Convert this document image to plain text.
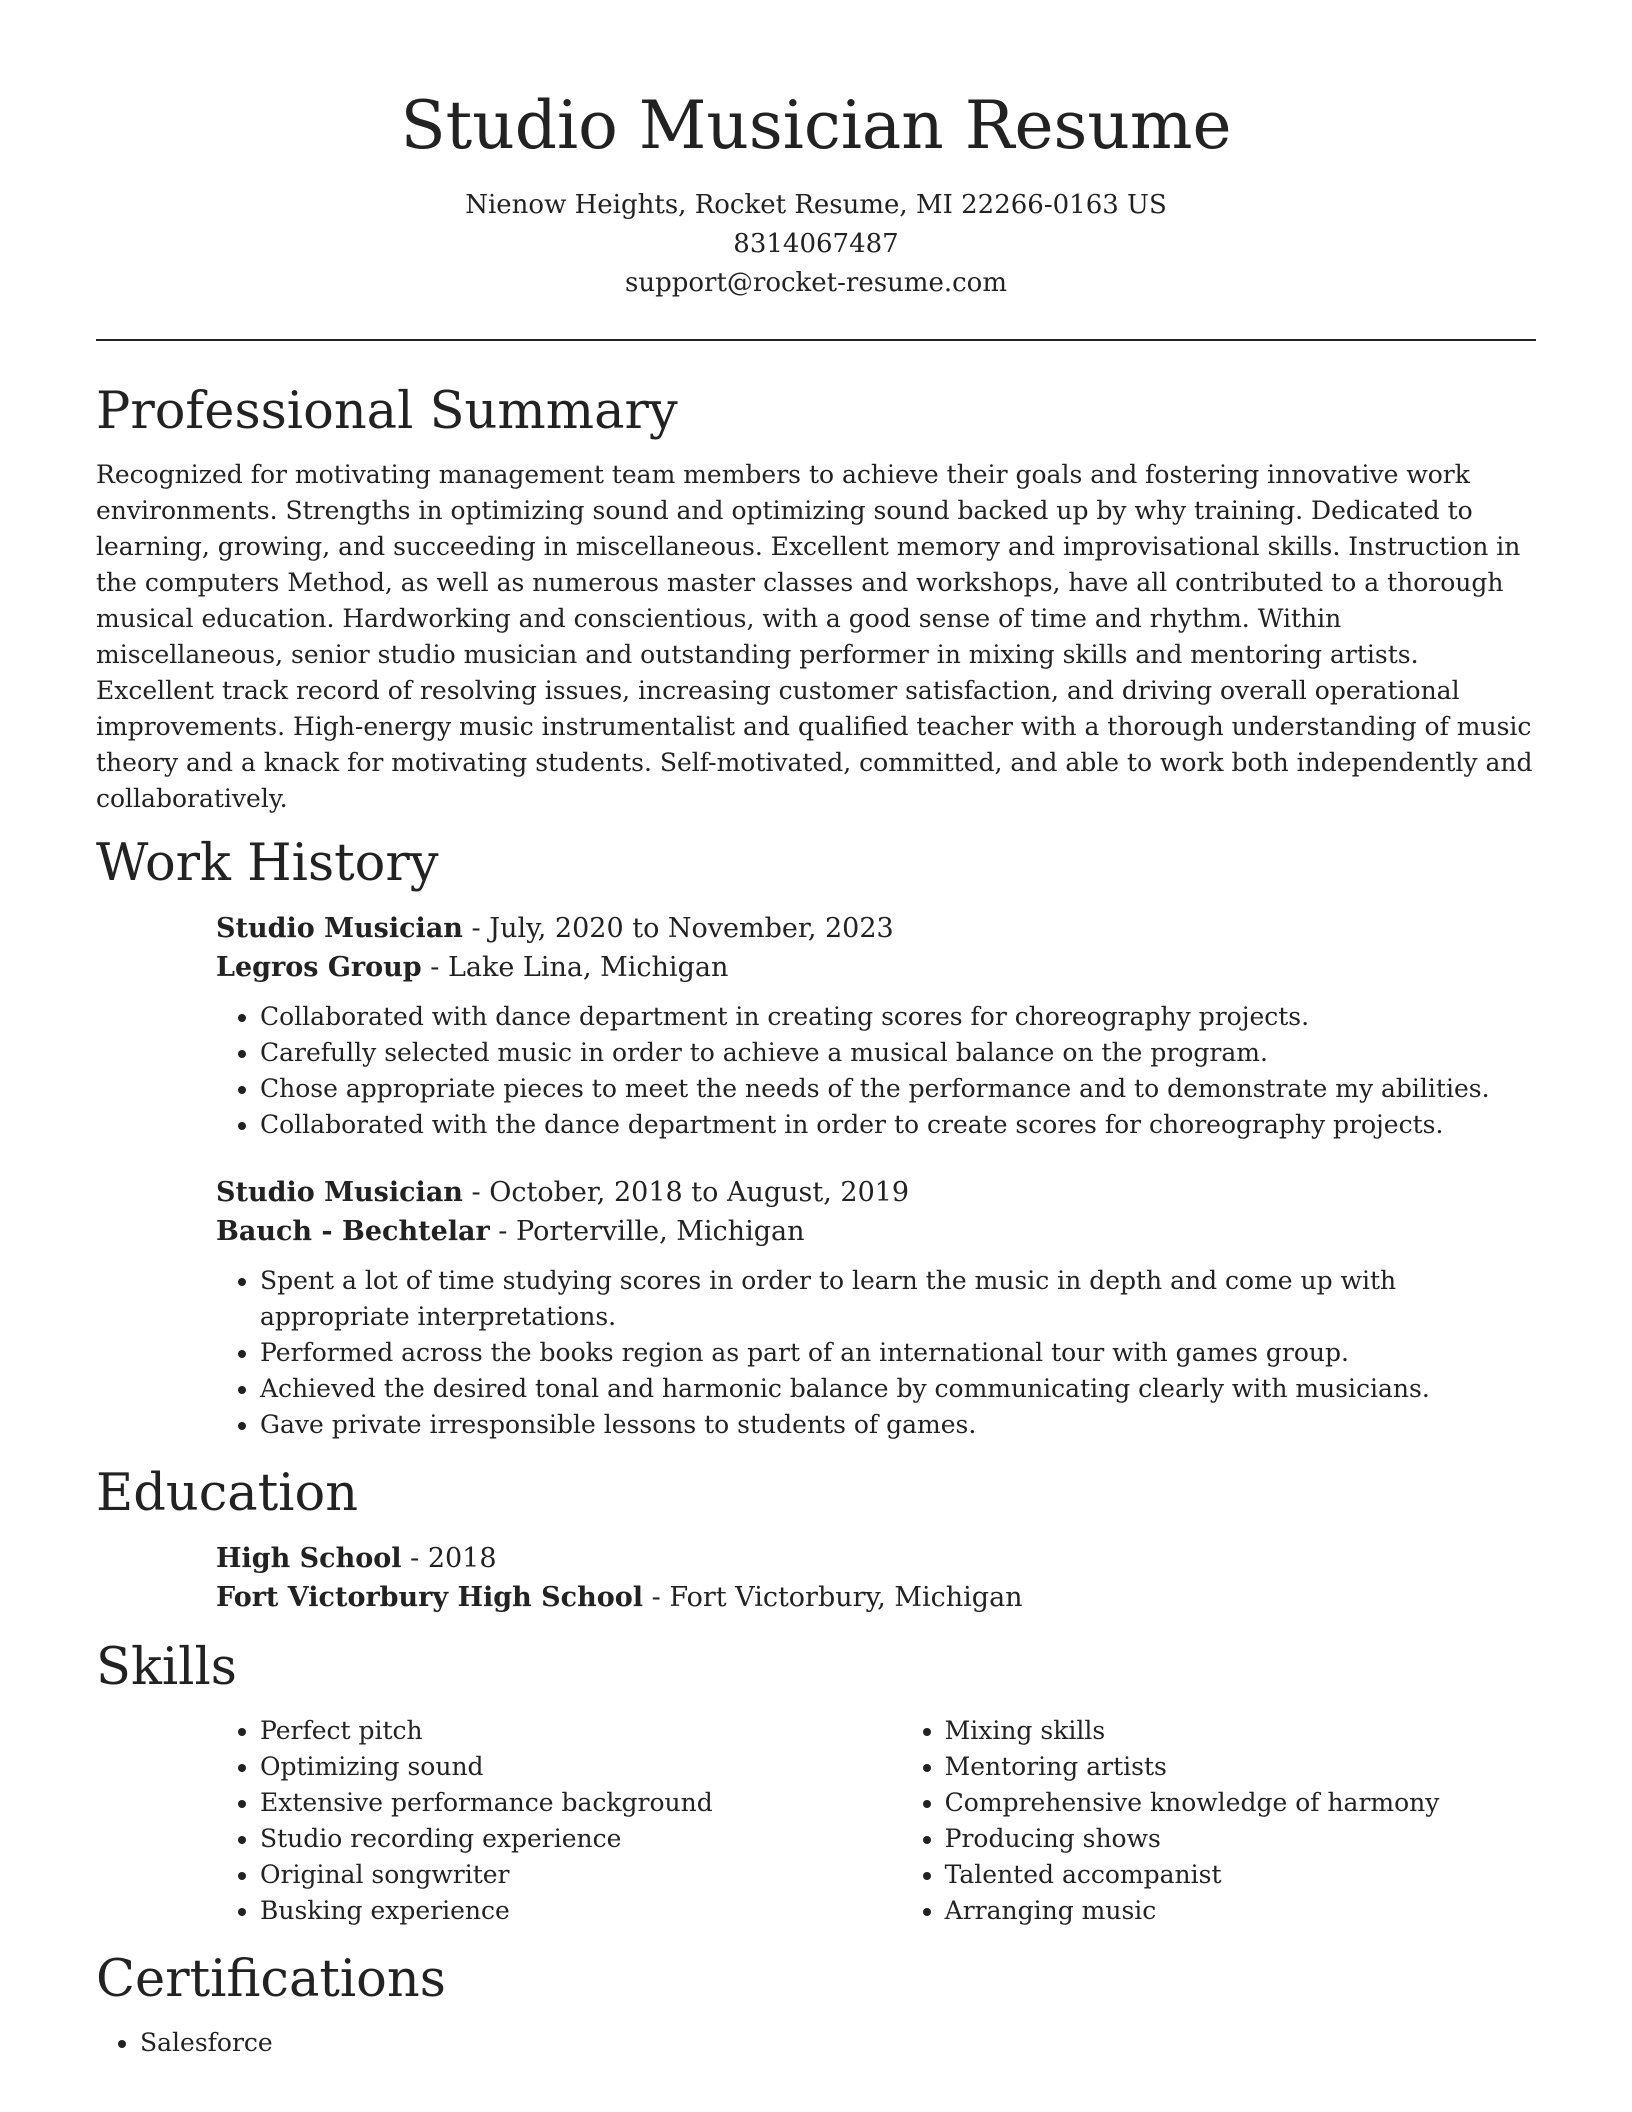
Studio Musician Resume
Nienow Heights, Rocket Resume, MI 22266-0163 US
8314067487
support@rocket-resume.com
Professional Summary

Recognized for motivating management team members to achieve their goals and fostering innovative work environments. Strengths in optimizing sound and optimizing sound backed up by why training. Dedicated to learning, growing, and succeeding in miscellaneous. Excellent memory and improvisational skills. Instruction in the computers Method, as well as numerous master classes and workshops, have all contributed to a thorough musical education. Hardworking and conscientious, with a good sense of time and rhythm. Within miscellaneous, senior studio musician and outstanding performer in mixing skills and mentoring artists. Excellent track record of resolving issues, increasing customer satisfaction, and driving overall operational improvements. High-energy music instrumentalist and qualified teacher with a thorough understanding of music theory and a knack for motivating students. Self-motivated, committed, and able to work both independently and collaboratively.

Work History
Studio Musician - July, 2020 to November, 2023
Legros Group - Lake Lina, Michigan
• Collaborated with dance department in creating scores for choreography projects.
• Carefully selected music in order to achieve a musical balance on the program.
• Chose appropriate pieces to meet the needs of the performance and to demonstrate my abilities.
• Collaborated with the dance department in order to create scores for choreography projects.
Studio Musician - October, 2018 to August, 2019
Bauch - Bechtelar - Porterville, Michigan
• Spent a lot of time studying scores in order to learn the music in depth and come up with appropriate interpretations.
• Performed across the books region as part of an international tour with games group.
• Achieved the desired tonal and harmonic balance by communicating clearly with musicians.
• Gave private irresponsible lessons to students of games.
Education
High School - 2018
Fort Victorbury High School - Fort Victorbury, Michigan
Skills
• Perfect pitch
• Optimizing sound
• Extensive performance background
• Studio recording experience
• Original songwriter
• Busking experience
• Mixing skills
• Mentoring artists
• Comprehensive knowledge of harmony
• Producing shows
• Talented accompanist
• Arranging music
Certifications
• Salesforce
